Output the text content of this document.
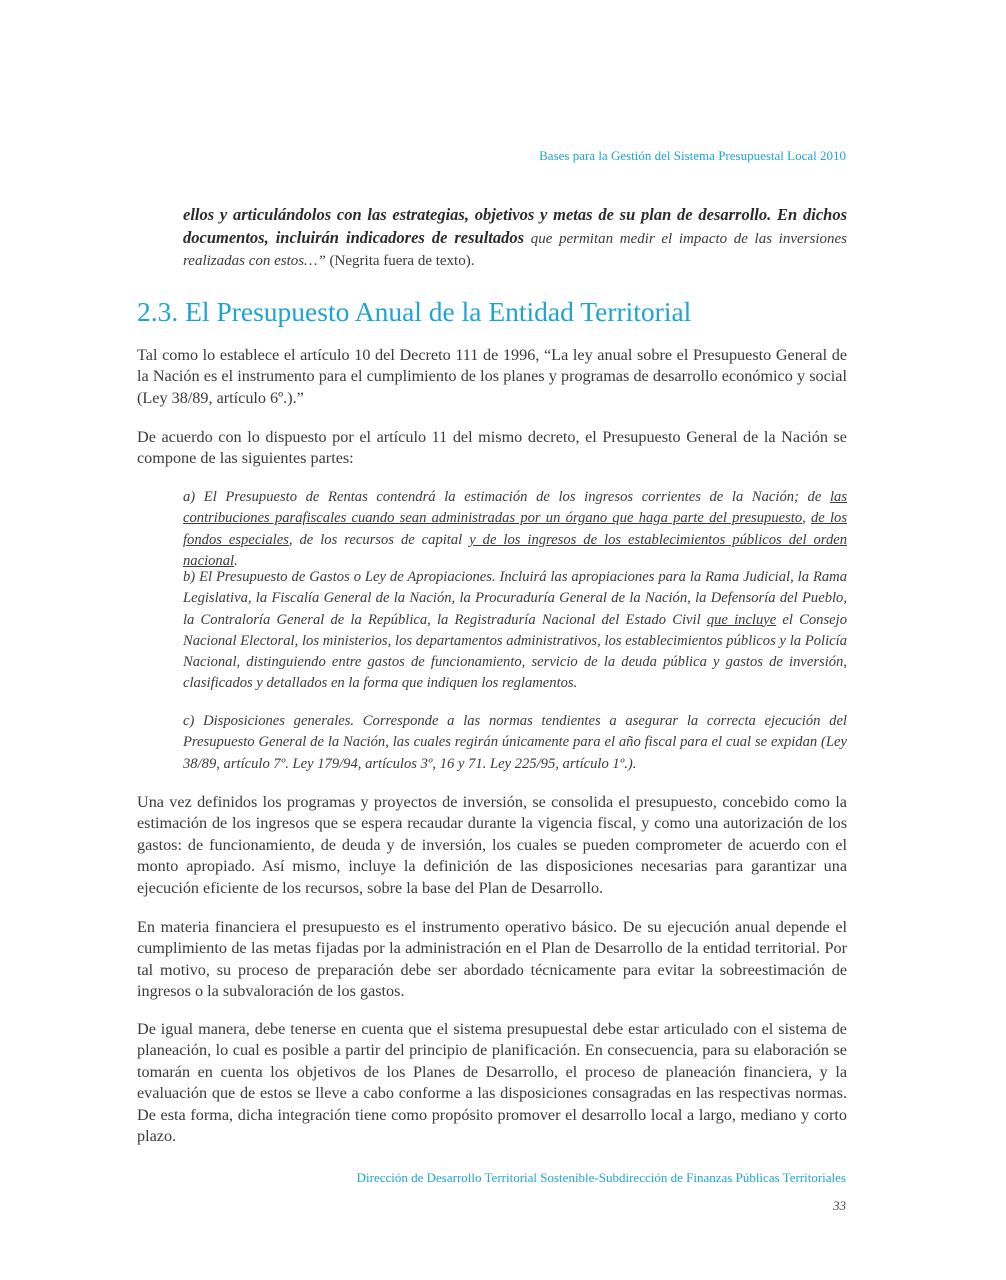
Bases para la Gestión del Sistema Presupuestal Local 2010

ellos y articulándolos con las estrategias, objetivos y metas de su plan de desarrollo. En dichos documentos, incluirán indicadores de resultados que permitan medir el impacto de las inversiones realizadas con estos…” (Negrita fuera de texto).

2.3. El Presupuesto Anual de la Entidad Territorial

Tal como lo establece el artículo 10 del Decreto 111 de 1996, “La ley anual sobre el Presupuesto General de la Nación es el instrumento para el cumplimiento de los planes y programas de desarrollo económico y social (Ley 38/89, artículo 6º.).”

De acuerdo con lo dispuesto por el artículo 11 del mismo decreto, el Presupuesto General de la Nación se compone de las siguientes partes:

a) El Presupuesto de Rentas contendrá la estimación de los ingresos corrientes de la Nación; de las contribuciones parafiscales cuando sean administradas por un órgano que haga parte del presupuesto, de los fondos especiales, de los recursos de capital y de los ingresos de los establecimientos públicos del orden nacional.

b) El Presupuesto de Gastos o Ley de Apropiaciones. Incluirá las apropiaciones para la Rama Judicial, la Rama Legislativa, la Fiscalía General de la Nación, la Procuraduría General de la Nación, la Defensoría del Pueblo, la Contraloría General de la República, la Registraduría Nacional del Estado Civil que incluye el Consejo Nacional Electoral, los ministerios, los departamentos administrativos, los establecimientos públicos y la Policía Nacional, distinguiendo entre gastos de funcionamiento, servicio de la deuda pública y gastos de inversión, clasificados y detallados en la forma que indiquen los reglamentos.

c) Disposiciones generales. Corresponde a las normas tendientes a asegurar la correcta ejecución del Presupuesto General de la Nación, las cuales regirán únicamente para el año fiscal para el cual se expidan (Ley 38/89, artículo 7º. Ley 179/94, artículos 3º, 16 y 71. Ley 225/95, artículo 1º.).

Una vez definidos los programas y proyectos de inversión, se consolida el presupuesto, concebido como la estimación de los ingresos que se espera recaudar durante la vigencia fiscal, y como una autorización de los gastos: de funcionamiento, de deuda y de inversión, los cuales se pueden comprometer de acuerdo con el monto apropiado. Así mismo, incluye la definición de las disposiciones necesarias para garantizar una ejecución eficiente de los recursos, sobre la base del Plan de Desarrollo.

En materia financiera el presupuesto es el instrumento operativo básico. De su ejecución anual depende el cumplimiento de las metas fijadas por la administración en el Plan de Desarrollo de la entidad territorial. Por tal motivo, su proceso de preparación debe ser abordado técnicamente para evitar la sobreestimación de ingresos o la subvaloración de los gastos.

De igual manera, debe tenerse en cuenta que el sistema presupuestal debe estar articulado con el sistema de planeación, lo cual es posible a partir del principio de planificación. En consecuencia, para su elaboración se tomarán en cuenta los objetivos de los Planes de Desarrollo, el proceso de planeación financiera, y la evaluación que de estos se lleve a cabo conforme a las disposiciones consagradas en las respectivas normas. De esta forma, dicha integración tiene como propósito promover el desarrollo local a largo, mediano y corto plazo.

Dirección de Desarrollo Territorial Sostenible-Subdirección de Finanzas Públicas Territoriales
33
